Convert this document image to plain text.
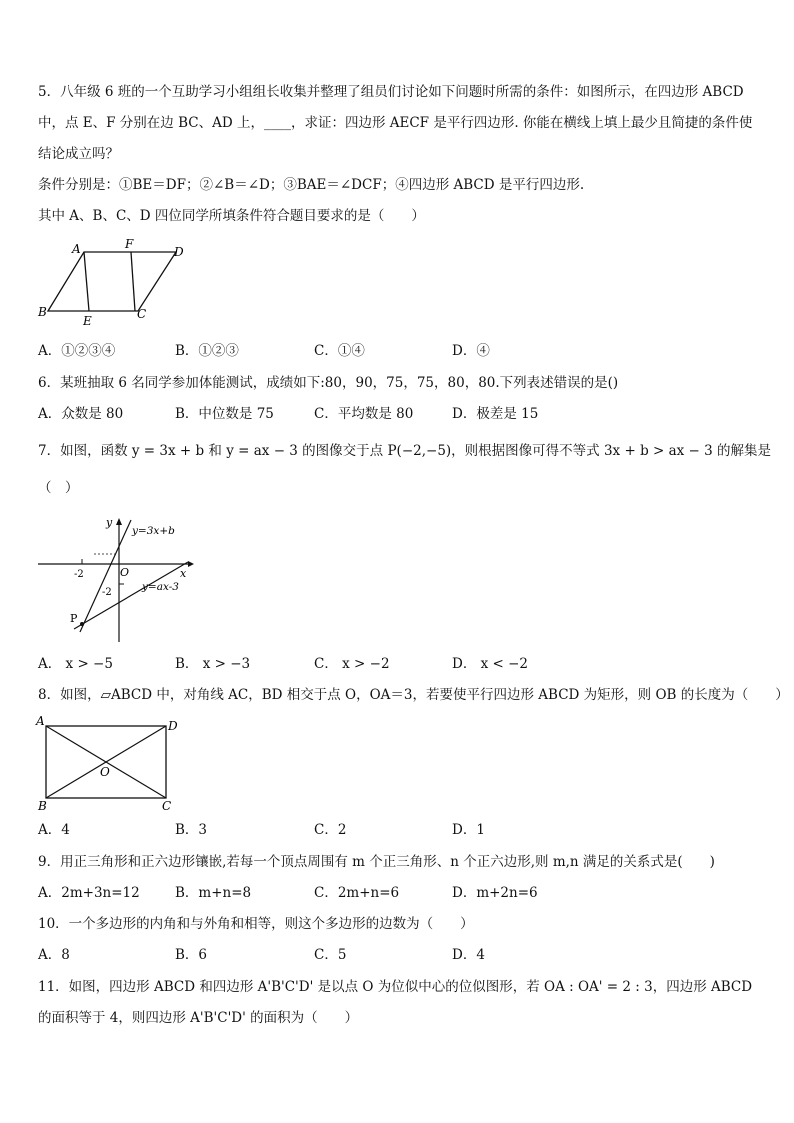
5．八年级 6 班的一个互助学习小组组长收集并整理了组员们讨论如下问题时所需的条件：如图所示，在四边形 ABCD
中，点 E、F 分别在边 BC、AD 上，____，求证：四边形 AECF 是平行四边形. 你能在横线上填上最少且简捷的条件使
结论成立吗？
条件分别是：①BE＝DF；②∠B＝∠D；③BAE＝∠DCF；④四边形 ABCD 是平行四边形.
其中 A、B、C、D 四位同学所填条件符合题目要求的是（　　）
A	F
D
B
E	C
A．①②③④	B．①②③	C．①④	D．④
6．某班抽取 6 名同学参加体能测试，成绩如下:80，90，75，75，80，80.下列表述错误的是()
A．众数是 80	B．中位数是 75	C．平均数是 80	D．极差是 15
7．如图，函数 y = 3x + b 和 y = ax − 3 的图像交于点 P(−2,−5)，则根据图像可得不等式 3x + b > ax − 3 的解集是
（　）
P
y
x
O
y=3x+b
y=ax-3
-2
-2
A． x > −5	B． x > −3	C． x > −2	D． x < −2
8．如图，▱ABCD 中，对角线 AC，BD 相交于点 O，OA＝3，若要使平行四边形 ABCD 为矩形，则 OB 的长度为（　　）
A	D
O
B	C
A．4	B．3	C．2	D．1
9．用正三角形和正六边形镶嵌,若每一个顶点周围有 m 个正三角形、n 个正六边形,则 m,n 满足的关系式是(　　)
A．2m+3n=12	B．m+n=8	C．2m+n=6	D．m+2n=6
10．一个多边形的内角和与外角和相等，则这个多边形的边数为（　　）
A．8	B．6	C．5	D．4
11．如图，四边形 ABCD 和四边形 A'B'C'D' 是以点 O 为位似中心的位似图形，若 OA : OA' = 2 : 3，四边形 ABCD
的面积等于 4，则四边形 A'B'C'D' 的面积为（　　）
